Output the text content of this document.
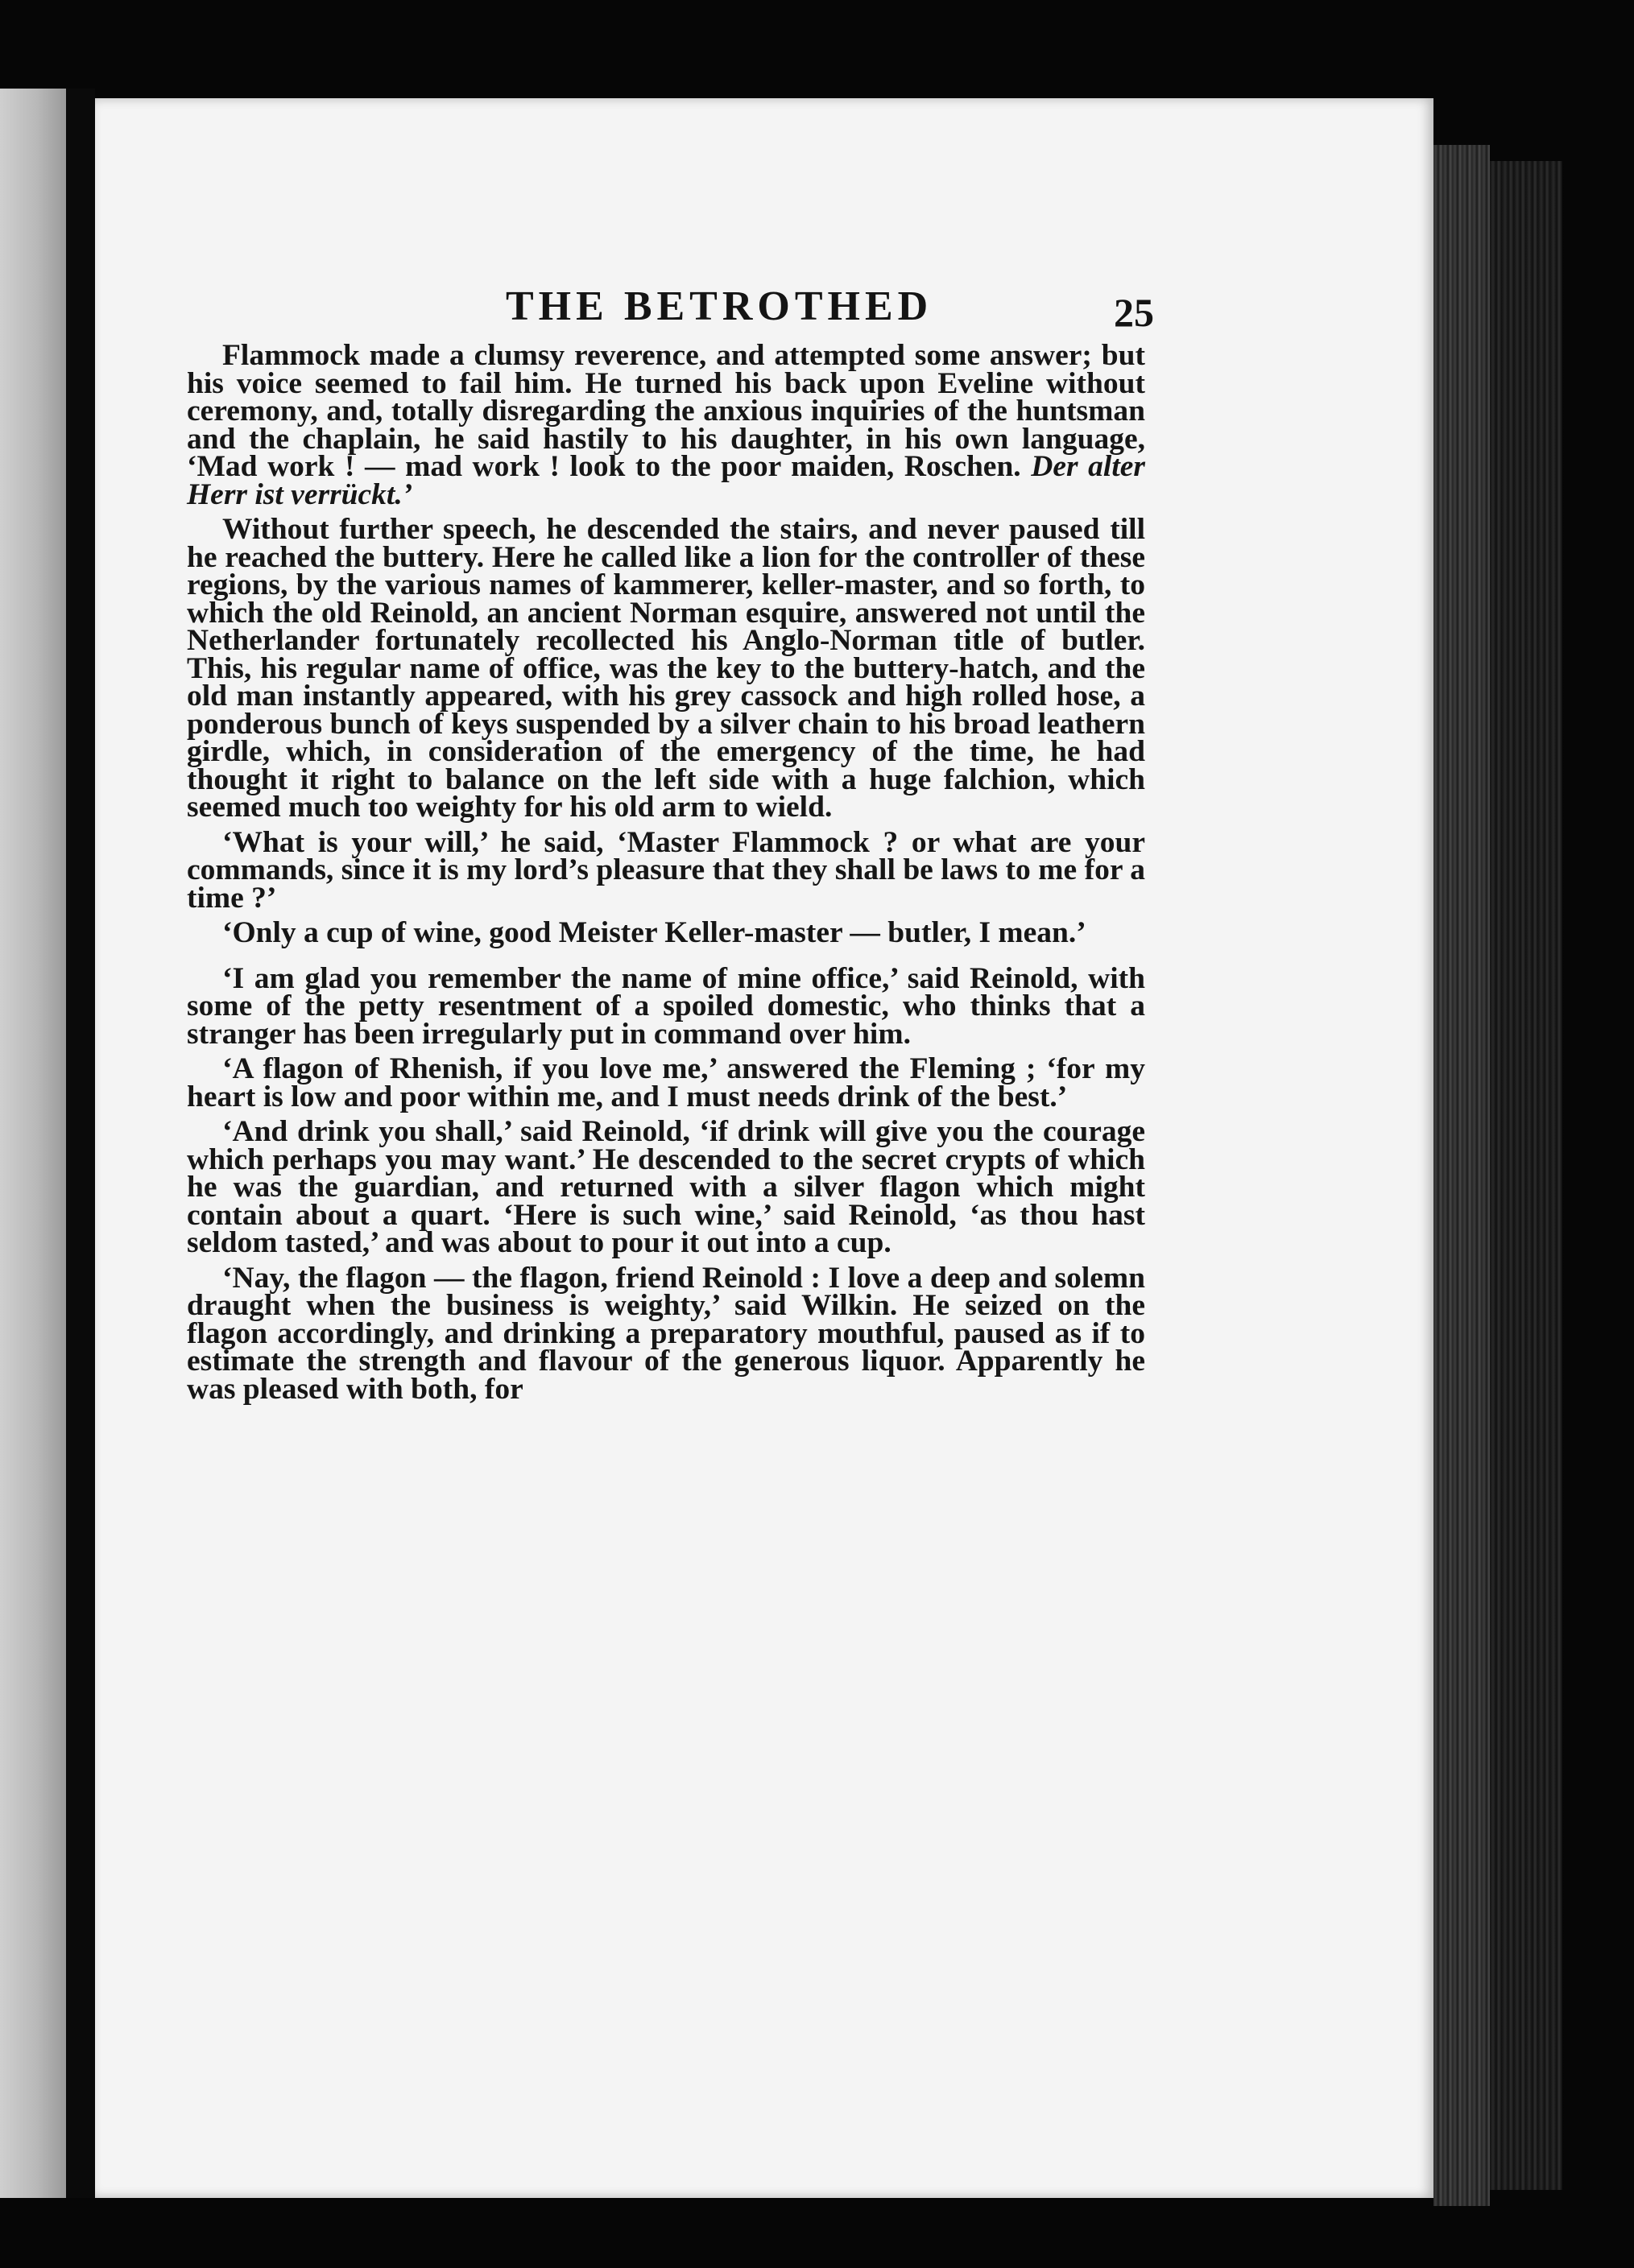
THE BETROTHED	25

Flammock made a clumsy reverence, and attempted some answer; but his voice seemed to fail him. He turned his back upon Eveline without ceremony, and, totally disregarding the anxious inquiries of the huntsman and the chaplain, he said hastily to his daughter, in his own language, ‘Mad work ! — mad work ! look to the poor maiden, Roschen. Der alter Herr ist verrückt.’

Without further speech, he descended the stairs, and never paused till he reached the buttery. Here he called like a lion for the controller of these regions, by the various names of kammerer, keller-master, and so forth, to which the old Reinold, an ancient Norman esquire, answered not until the Netherlander fortunately recollected his Anglo-Norman title of butler. This, his regular name of office, was the key to the buttery-hatch, and the old man instantly appeared, with his grey cassock and high rolled hose, a ponderous bunch of keys suspended by a silver chain to his broad leathern girdle, which, in consideration of the emergency of the time, he had thought it right to balance on the left side with a huge falchion, which seemed much too weighty for his old arm to wield.

‘What is your will,’ he said, ‘Master Flammock ? or what are your commands, since it is my lord’s pleasure that they shall be laws to me for a time ?’

‘Only a cup of wine, good Meister Keller-master — butler, I mean.’

‘I am glad you remember the name of mine office,’ said Reinold, with some of the petty resentment of a spoiled domestic, who thinks that a stranger has been irregularly put in command over him.

‘A flagon of Rhenish, if you love me,’ answered the Fleming ; ‘for my heart is low and poor within me, and I must needs drink of the best.’

‘And drink you shall,’ said Reinold, ‘if drink will give you the courage which perhaps you may want.’ He descended to the secret crypts of which he was the guardian, and returned with a silver flagon which might contain about a quart. ‘Here is such wine,’ said Reinold, ‘as thou hast seldom tasted,’ and was about to pour it out into a cup.

‘Nay, the flagon — the flagon, friend Reinold : I love a deep and solemn draught when the business is weighty,’ said Wilkin. He seized on the flagon accordingly, and drinking a preparatory mouthful, paused as if to estimate the strength and flavour of the generous liquor. Apparently he was pleased with both, for
